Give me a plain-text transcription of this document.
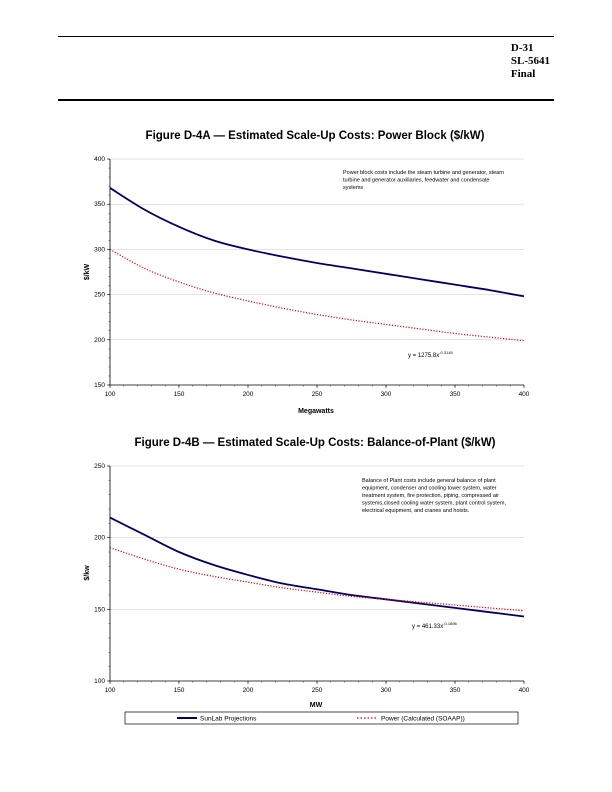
D-31
SL-5641
Final
Figure D-4A — Estimated Scale-Up Costs: Power Block ($/kW)
150
200
250
300
350
400
100	150	200	250	300	350	400
$/kW
Megawatts
Power block costs include the steam turbine and generator, steam turbine and generator auxiliaries, feedwater and condensate systems
$y = 1275.8x^{-0.3145}$
Figure D-4B — Estimated Scale-Up Costs: Balance-of-Plant ($/kW)
100
150
200
250
100	150	200	250	300	350	400
$/kw
MW
Balance of Plant costs include general balance of plant equipment, condenser and cooling tower system, water treatment system, fire protection, piping, compressed air systems,closed cooling water system, plant control system, electrical equipment, and cranes and hoists.
$y = 461.33x^{-0.1896}$
SunLab Projections	Power (Calculated (SOAAP))
